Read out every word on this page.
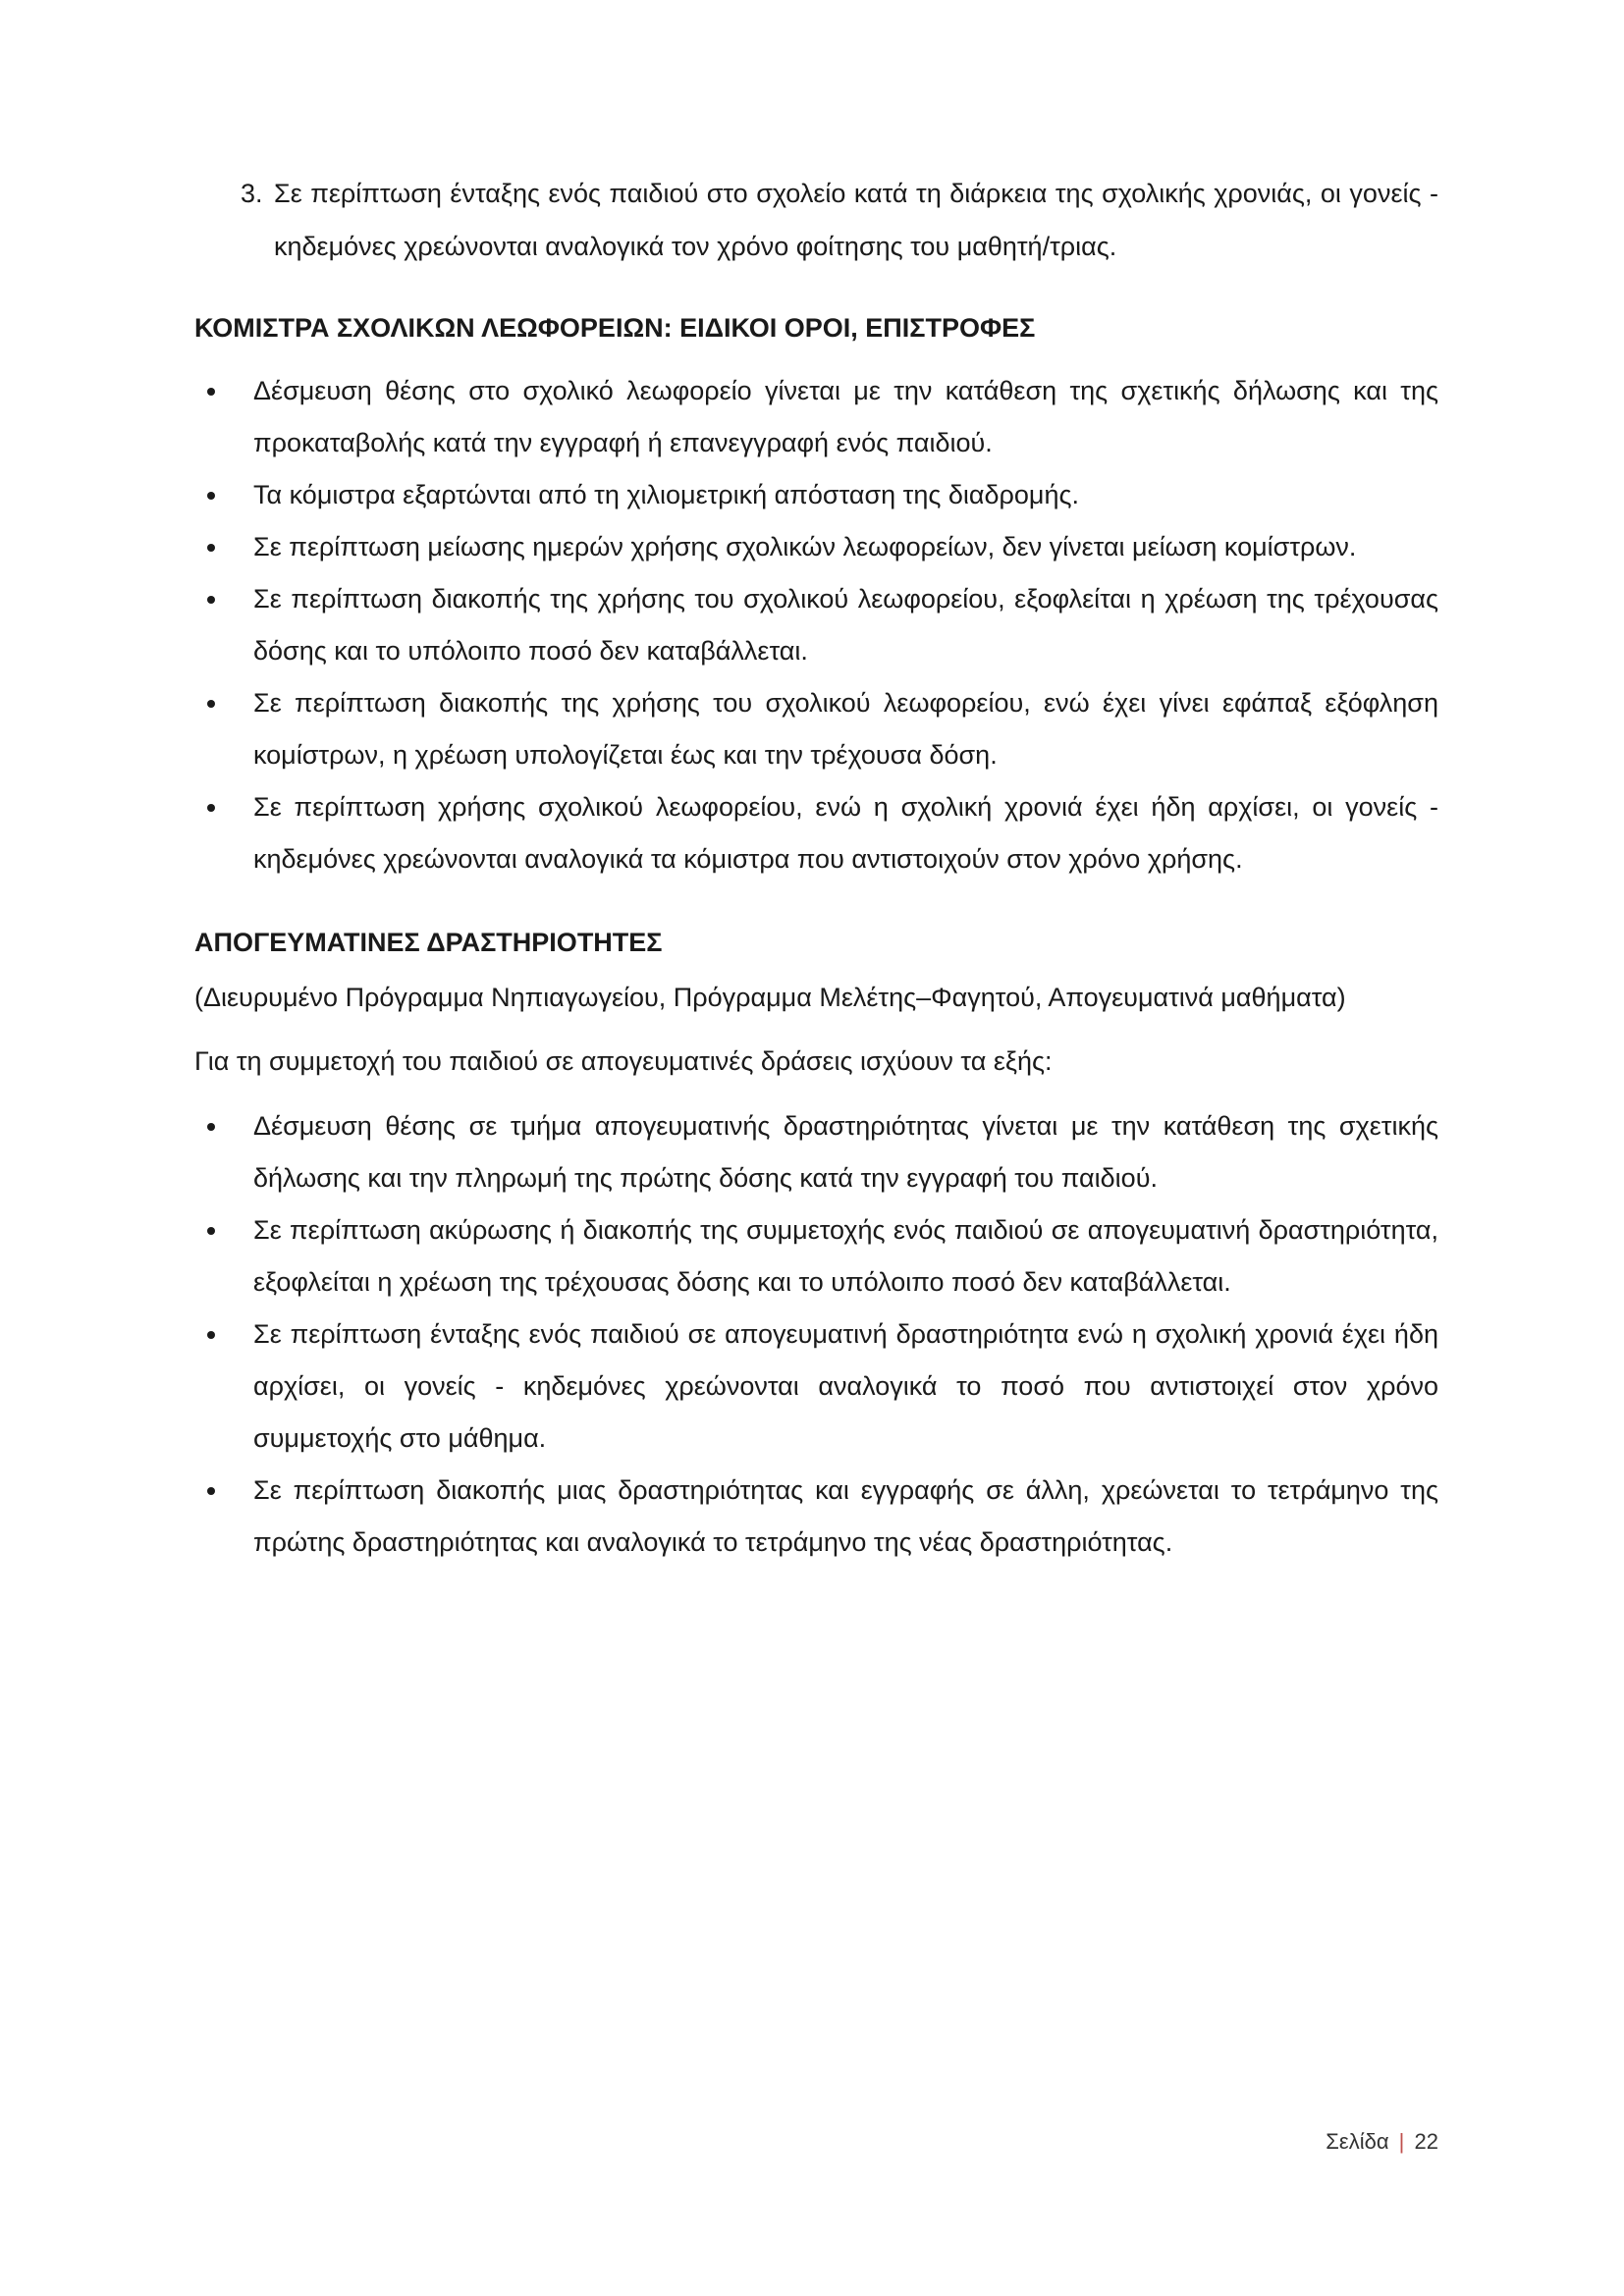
3. Σε περίπτωση ένταξης ενός παιδιού στο σχολείο κατά τη διάρκεια της σχολικής χρονιάς, οι γονείς - κηδεμόνες χρεώνονται αναλογικά τον χρόνο φοίτησης του μαθητή/τριας.
ΚΟΜΙΣΤΡΑ ΣΧΟΛΙΚΩΝ ΛΕΩΦΟΡΕΙΩΝ: ΕΙΔΙΚΟΙ ΟΡΟΙ, ΕΠΙΣΤΡΟΦΕΣ
Δέσμευση θέσης στο σχολικό λεωφορείο γίνεται με την κατάθεση της σχετικής δήλωσης και της προκαταβολής κατά την εγγραφή ή επανεγγραφή ενός παιδιού.
Τα κόμιστρα εξαρτώνται από τη χιλιομετρική απόσταση της διαδρομής.
Σε περίπτωση μείωσης ημερών χρήσης σχολικών λεωφορείων, δεν γίνεται μείωση κομίστρων.
Σε περίπτωση διακοπής της χρήσης του σχολικού λεωφορείου, εξοφλείται η χρέωση της τρέχουσας δόσης και το υπόλοιπο ποσό δεν καταβάλλεται.
Σε περίπτωση διακοπής της χρήσης του σχολικού λεωφορείου, ενώ έχει γίνει εφάπαξ εξόφληση κομίστρων, η χρέωση υπολογίζεται έως και την τρέχουσα δόση.
Σε περίπτωση χρήσης σχολικού λεωφορείου, ενώ η σχολική χρονιά έχει ήδη αρχίσει, οι γονείς - κηδεμόνες χρεώνονται αναλογικά τα κόμιστρα που αντιστοιχούν στον χρόνο χρήσης.
ΑΠΟΓΕΥΜΑΤΙΝΕΣ ΔΡΑΣΤΗΡΙΟΤΗΤΕΣ
(Διευρυμένο Πρόγραμμα Νηπιαγωγείου, Πρόγραμμα Μελέτης–Φαγητού, Απογευματινά μαθήματα)
Για τη συμμετοχή του παιδιού σε απογευματινές δράσεις ισχύουν τα εξής:
Δέσμευση θέσης σε τμήμα απογευματινής δραστηριότητας γίνεται με την κατάθεση της σχετικής δήλωσης και την πληρωμή της πρώτης δόσης κατά την εγγραφή του παιδιού.
Σε περίπτωση ακύρωσης ή διακοπής της συμμετοχής ενός παιδιού σε απογευματινή δραστηριότητα, εξοφλείται η χρέωση της τρέχουσας δόσης και το υπόλοιπο ποσό δεν καταβάλλεται.
Σε περίπτωση ένταξης ενός παιδιού σε απογευματινή δραστηριότητα ενώ η σχολική χρονιά έχει ήδη αρχίσει, οι γονείς - κηδεμόνες χρεώνονται αναλογικά το ποσό που αντιστοιχεί στον χρόνο συμμετοχής στο μάθημα.
Σε περίπτωση διακοπής μιας δραστηριότητας και εγγραφής σε άλλη, χρεώνεται το τετράμηνο της πρώτης δραστηριότητας και αναλογικά το τετράμηνο της νέας δραστηριότητας.
Σελίδα | 22
